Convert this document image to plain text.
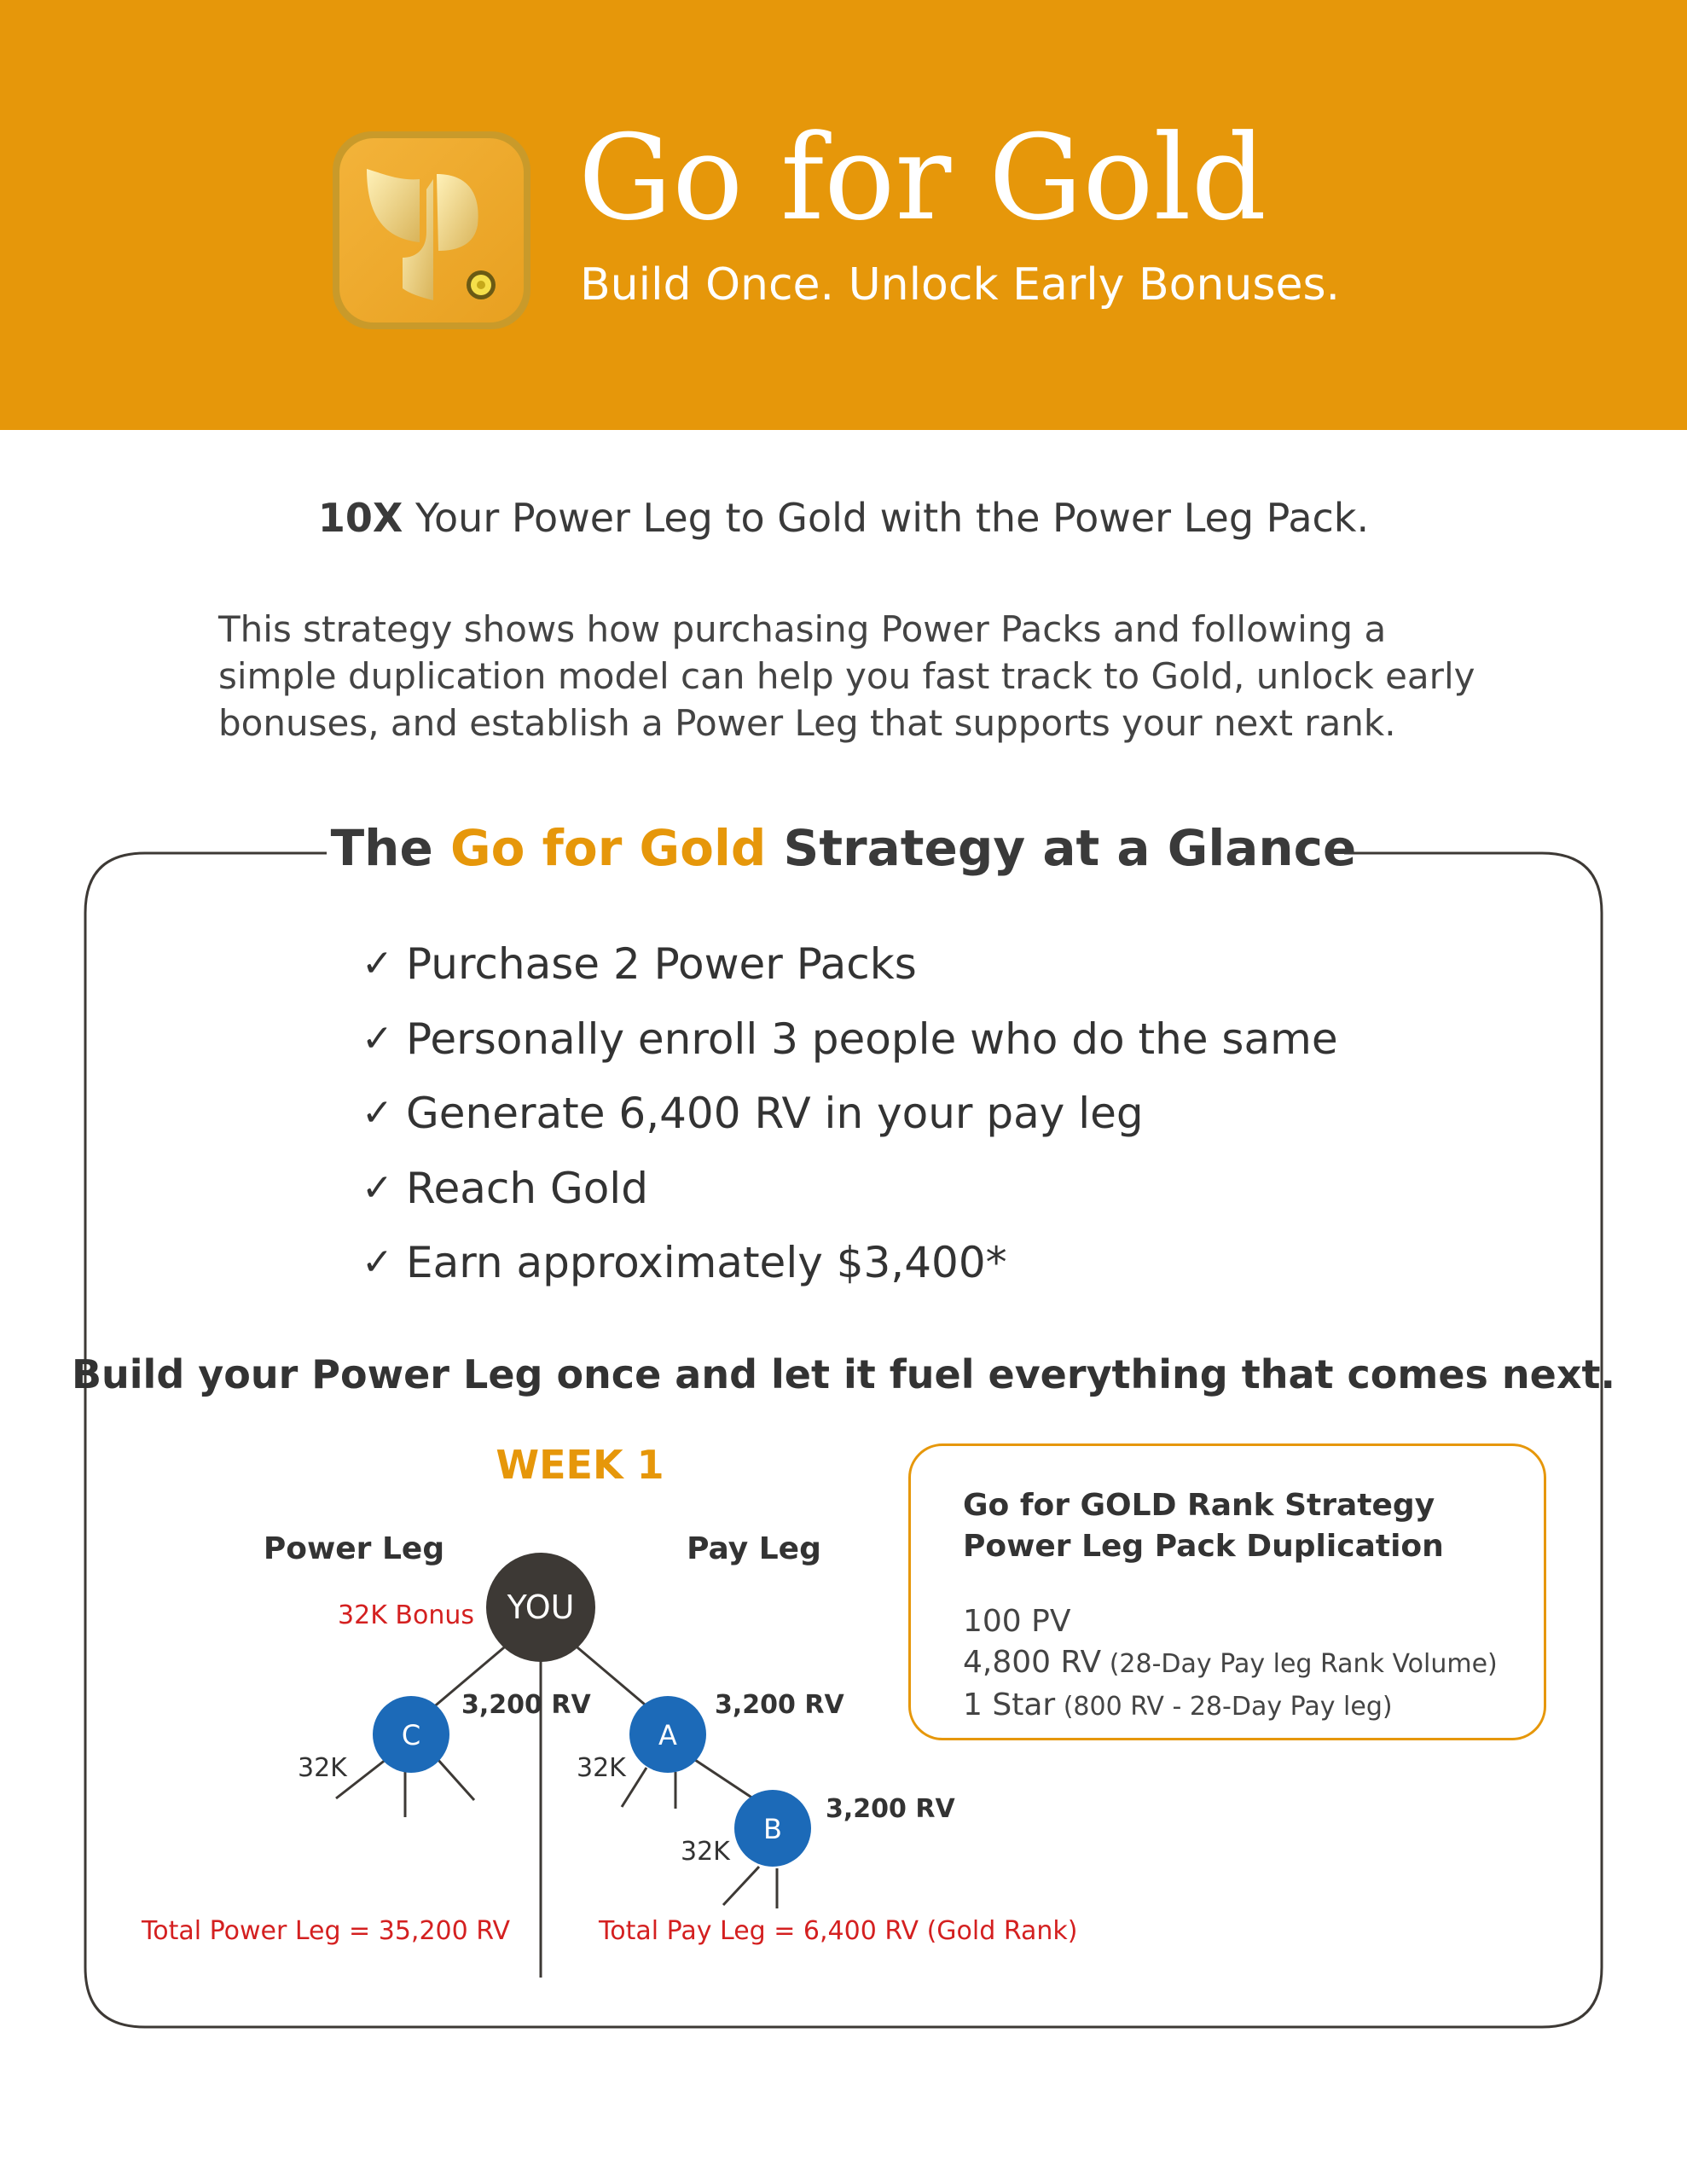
Go for Gold
Build Once. Unlock Early Bonuses.
10X Your Power Leg to Gold with the Power Leg Pack.
This strategy shows how purchasing Power Packs and following a simple duplication model can help you fast track to Gold, unlock early bonuses, and establish a Power Leg that supports your next rank.
The Go for Gold Strategy at a Glance
✓ Purchase 2 Power Packs
✓ Personally enroll 3 people who do the same
✓ Generate 6,400 RV in your pay leg
✓ Reach Gold
✓ Earn approximately $3,400*
Build your Power Leg once and let it fuel everything that comes next.
WEEK 1
YOU
C	A
B
Power Leg	Pay Leg
32K Bonus
3,200 RV	3,200 RV
3,200 RV
32K	32K
32K
Total Power Leg = 35,200 RV	Total Pay Leg = 6,400 RV (Gold Rank)
Go for GOLD Rank Strategy
Power Leg Pack Duplication
100 PV
4,800 RV (28-Day Pay leg Rank Volume)
1 Star (800 RV - 28-Day Pay leg)
